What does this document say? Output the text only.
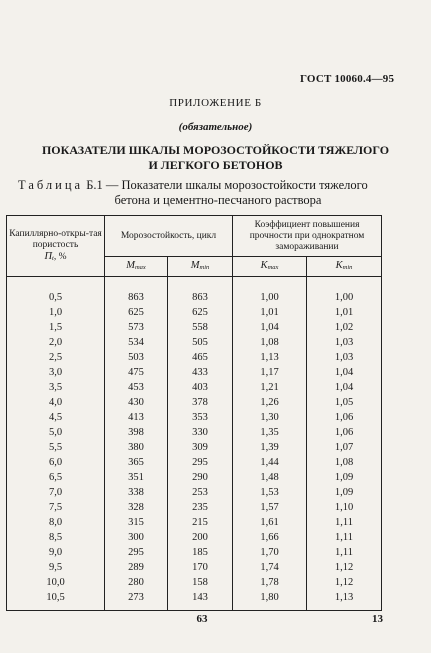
ГОСТ 10060.4—95
ПРИЛОЖЕНИЕ Б
(обязательное)
ПОКАЗАТЕЛИ ШКАЛЫ МОРОЗОСТОЙКОСТИ ТЯЖЕЛОГО
И ЛЕГКОГО БЕТОНОВ
Таблица Б.1 — Показатели шкалы морозостойкости тяжелого
бетона и цементно-песчаного раствора
Капиллярно-откры-тая пористость
Пt, %	Морозостойкость, цикл		Коэффициент повышения прочности при однократном замораживании	
	Mmax	Mmin	Kmax	Kmin
0,5	863	863	1,00	1,00
1,0	625	625	1,01	1,01
1,5	573	558	1,04	1,02
2,0	534	505	1,08	1,03
2,5	503	465	1,13	1,03
3,0	475	433	1,17	1,04
3,5	453	403	1,21	1,04
4,0	430	378	1,26	1,05
4,5	413	353	1,30	1,06
5,0	398	330	1,35	1,06
5,5	380	309	1,39	1,07
6,0	365	295	1,44	1,08
6,5	351	290	1,48	1,09
7,0	338	253	1,53	1,09
7,5	328	235	1,57	1,10
8,0	315	215	1,61	1,11
8,5	300	200	1,66	1,11
9,0	295	185	1,70	1,11
9,5	289	170	1,74	1,12
10,0	280	158	1,78	1,12
10,5	273	143	1,80	1,13
63	13
